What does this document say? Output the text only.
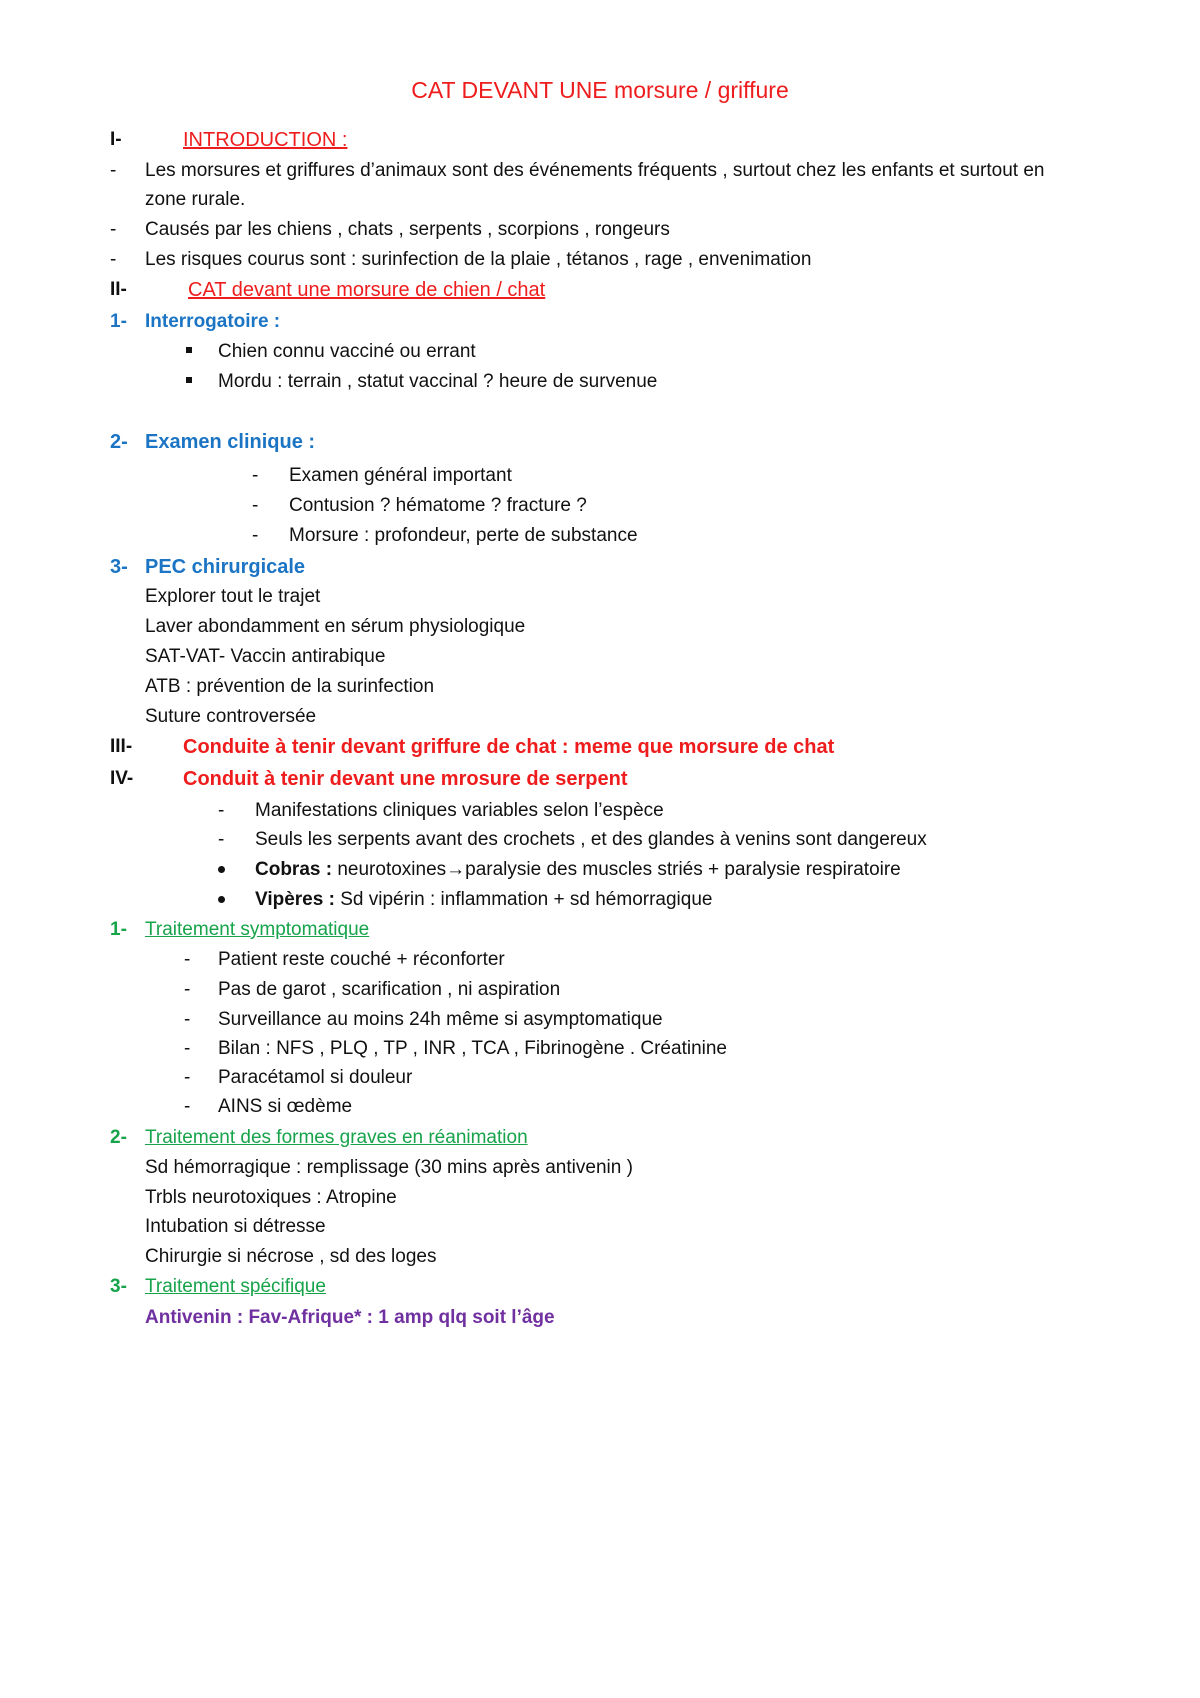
CAT DEVANT UNE morsure / griffure
I-	INTRODUCTION :
- Les morsures et griffures d’animaux sont des événements fréquents , surtout chez les enfants et surtout en
zone rurale.
- Causés par les chiens , chats , serpents , scorpions , rongeurs
- Les risques courus sont : surinfection de la plaie , tétanos , rage , envenimation
II-	CAT devant une morsure de chien / chat
1- Interrogatoire :
Chien connu vacciné ou errant
Mordu : terrain , statut vaccinal ? heure de survenue
2- Examen clinique :
- Examen général important
- Contusion ? hématome ? fracture ?
- Morsure : profondeur, perte de substance
3- PEC chirurgicale
Explorer tout le trajet
Laver abondamment en sérum physiologique
SAT-VAT- Vaccin antirabique
ATB : prévention de la surinfection
Suture controversée
III-	Conduite à tenir devant griffure de chat : meme que morsure de chat
IV- Conduit à tenir devant une mrosure de serpent
- Manifestations cliniques variables selon l’espèce
- Seuls les serpents avant des crochets , et des glandes à venins sont dangereux
Cobras : neurotoxines→paralysie des muscles striés + paralysie respiratoire
Vipères : Sd vipérin : inflammation + sd hémorragique
1- Traitement symptomatique
- Patient reste couché + réconforter
- Pas de garot , scarification , ni aspiration
- Surveillance au moins 24h même si asymptomatique
- Bilan : NFS , PLQ , TP , INR , TCA , Fibrinogène . Créatinine
- Paracétamol si douleur
- AINS si œdème
2- Traitement des formes graves en réanimation
Sd hémorragique : remplissage (30 mins après antivenin )
Trbls neurotoxiques : Atropine
Intubation si détresse
Chirurgie si nécrose , sd des loges
3- Traitement spécifique
Antivenin : Fav-Afrique* : 1 amp qlq soit l’âge
